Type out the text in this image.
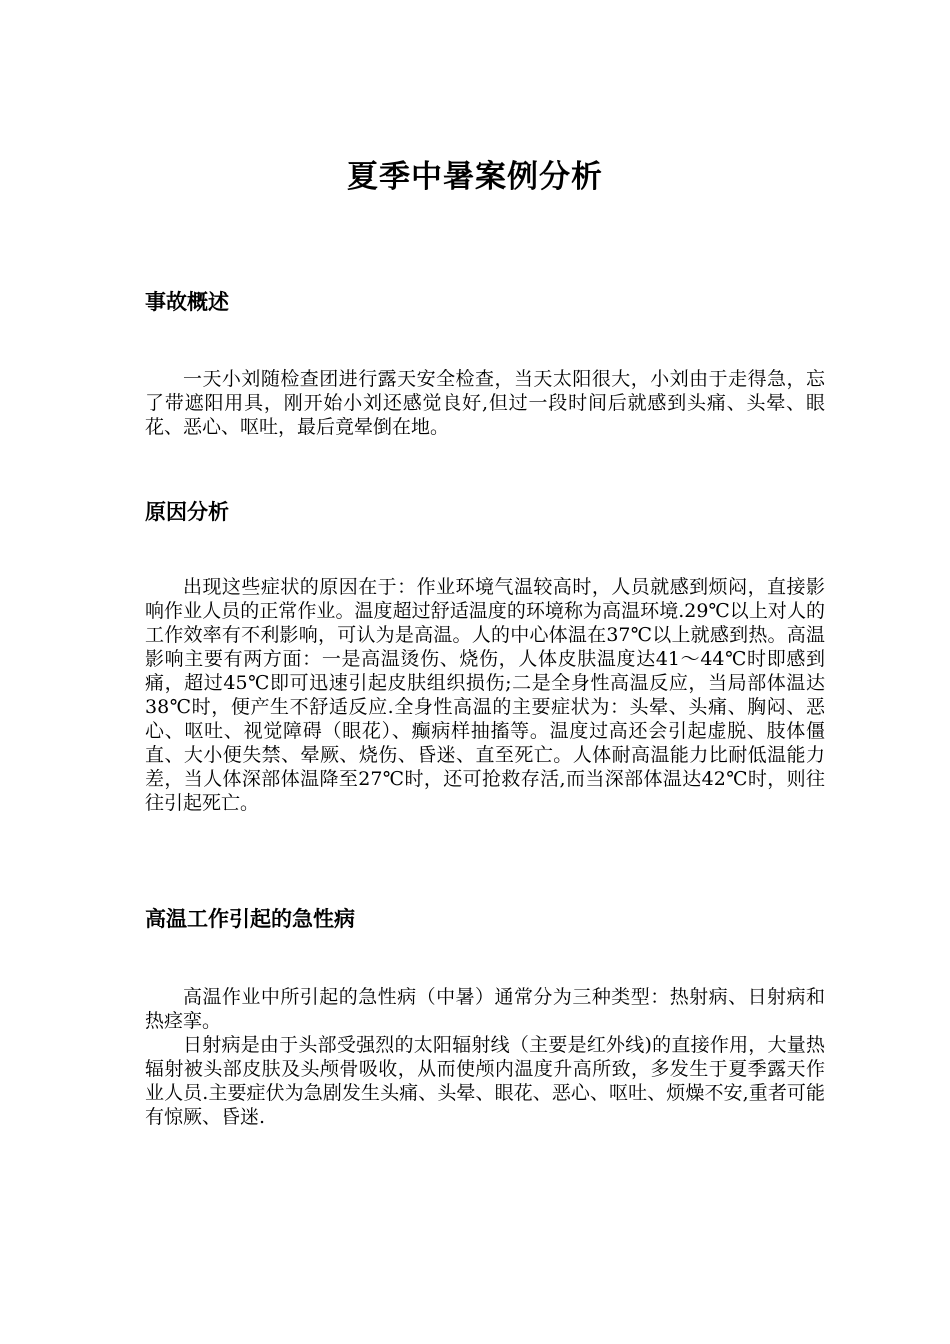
夏季中暑案例分析
事故概述

一天小刘随检查团进行露天安全检查，当天太阳很大，小刘由于走得急，忘了带遮阳用具，刚开始小刘还感觉良好,但过一段时间后就感到头痛、头晕、眼花、恶心、呕吐，最后竟晕倒在地。

原因分析

出现这些症状的原因在于：作业环境气温较高时，人员就感到烦闷，直接影响作业人员的正常作业。温度超过舒适温度的环境称为高温环境.29℃以上对人的工作效率有不利影响，可认为是高温。人的中心体温在37℃以上就感到热。高温影响主要有两方面：一是高温烫伤、烧伤，人体皮肤温度达41～44℃时即感到痛，超过45℃即可迅速引起皮肤组织损伤;二是全身性高温反应，当局部体温达38℃时，便产生不舒适反应.全身性高温的主要症状为：头晕、头痛、胸闷、恶心、呕吐、视觉障碍（眼花）、癫病样抽搐等。温度过高还会引起虚脱、肢体僵直、大小便失禁、晕厥、烧伤、昏迷、直至死亡。人体耐高温能力比耐低温能力差，当人体深部体温降至27℃时，还可抢救存活,而当深部体温达42℃时，则往往引起死亡。

高温工作引起的急性病

高温作业中所引起的急性病（中暑）通常分为三种类型：热射病、日射病和热痉挛。

日射病是由于头部受强烈的太阳辐射线（主要是红外线)的直接作用，大量热辐射被头部皮肤及头颅骨吸收，从而使颅内温度升高所致，多发生于夏季露天作业人员.主要症伏为急剧发生头痛、头晕、眼花、恶心、呕吐、烦燥不安,重者可能有惊厥、昏迷.
